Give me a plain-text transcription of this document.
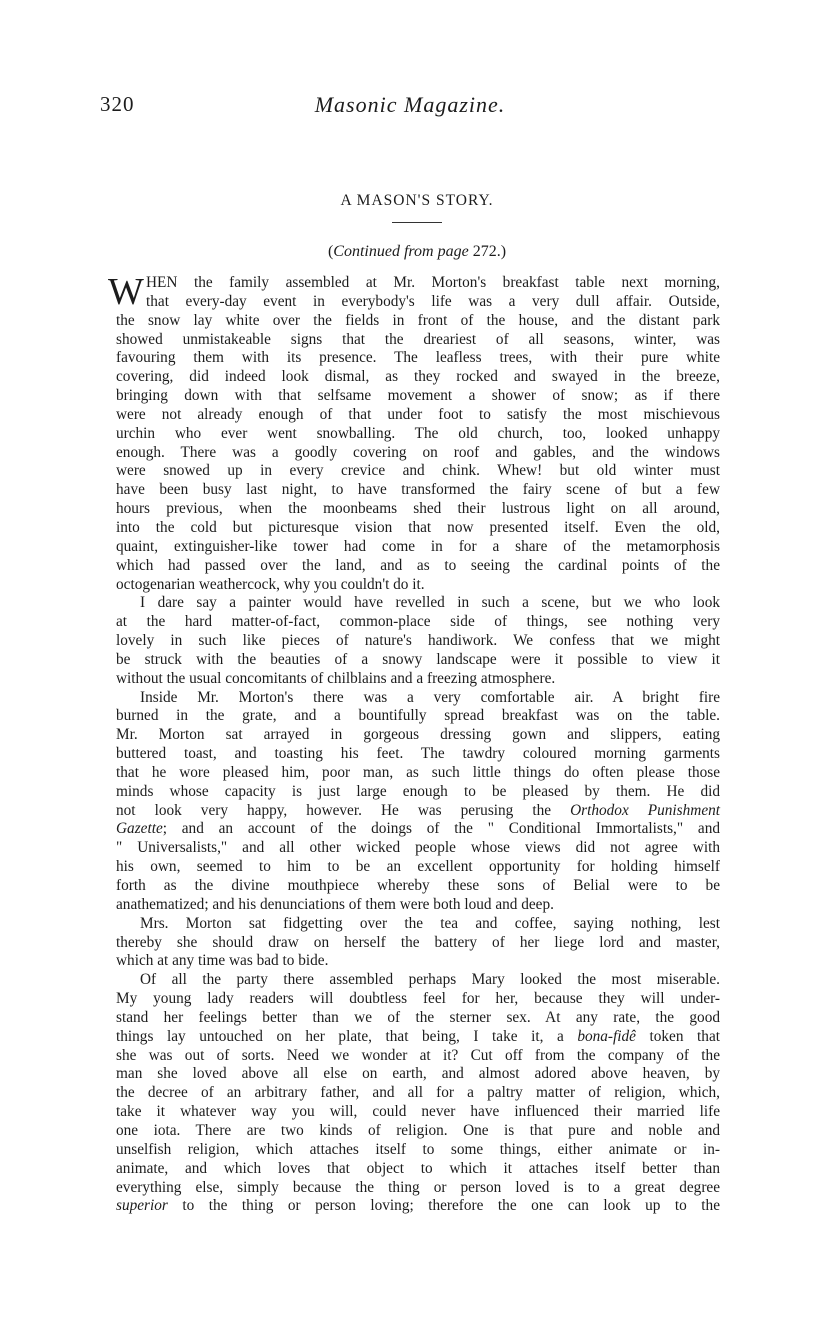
320	Masonic Magazine.
A MASON'S STORY.
(Continued from page 272.)
W HEN the family assembled at Mr. Morton's breakfast table next morning,
that every-day event in everybody's life was a very dull affair. Outside,
the snow lay white over the fields in front of the house, and the distant park
showed unmistakeable signs that the dreariest of all seasons, winter, was
favouring them with its presence. The leafless trees, with their pure white
covering, did indeed look dismal, as they rocked and swayed in the breeze,
bringing down with that selfsame movement a shower of snow; as if there
were not already enough of that under foot to satisfy the most mischievous
urchin who ever went snowballing. The old church, too, looked unhappy
enough. There was a goodly covering on roof and gables, and the windows
were snowed up in every crevice and chink. Whew! but old winter must
have been busy last night, to have transformed the fairy scene of but a few
hours previous, when the moonbeams shed their lustrous light on all around,
into the cold but picturesque vision that now presented itself. Even the old,
quaint, extinguisher-like tower had come in for a share of the metamorphosis
which had passed over the land, and as to seeing the cardinal points of the
octogenarian weathercock, why you couldn't do it.
I dare say a painter would have revelled in such a scene, but we who look
at the hard matter-of-fact, common-place side of things, see nothing very
lovely in such like pieces of nature's handiwork. We confess that we might
be struck with the beauties of a snowy landscape were it possible to view it
without the usual concomitants of chilblains and a freezing atmosphere.
Inside Mr. Morton's there was a very comfortable air. A bright fire
burned in the grate, and a bountifully spread breakfast was on the table.
Mr. Morton sat arrayed in gorgeous dressing gown and slippers, eating
buttered toast, and toasting his feet. The tawdry coloured morning garments
that he wore pleased him, poor man, as such little things do often please those
minds whose capacity is just large enough to be pleased by them. He did
not look very happy, however. He was perusing the Orthodox Punishment
Gazette; and an account of the doings of the " Conditional Immortalists," and
" Universalists," and all other wicked people whose views did not agree with
his own, seemed to him to be an excellent opportunity for holding himself
forth as the divine mouthpiece whereby these sons of Belial were to be
anathematized; and his denunciations of them were both loud and deep.
Mrs. Morton sat fidgetting over the tea and coffee, saying nothing, lest
thereby she should draw on herself the battery of her liege lord and master,
which at any time was bad to bide.
Of all the party there assembled perhaps Mary looked the most miserable.
My young lady readers will doubtless feel for her, because they will under-
stand her feelings better than we of the sterner sex. At any rate, the good
things lay untouched on her plate, that being, I take it, a bona-fidê token that
she was out of sorts. Need we wonder at it? Cut off from the company of the
man she loved above all else on earth, and almost adored above heaven, by
the decree of an arbitrary father, and all for a paltry matter of religion, which,
take it whatever way you will, could never have influenced their married life
one iota. There are two kinds of religion. One is that pure and noble and
unselfish religion, which attaches itself to some things, either animate or in-
animate, and which loves that object to which it attaches itself better than
everything else, simply because the thing or person loved is to a great degree
superior to the thing or person loving; therefore the one can look up to the
